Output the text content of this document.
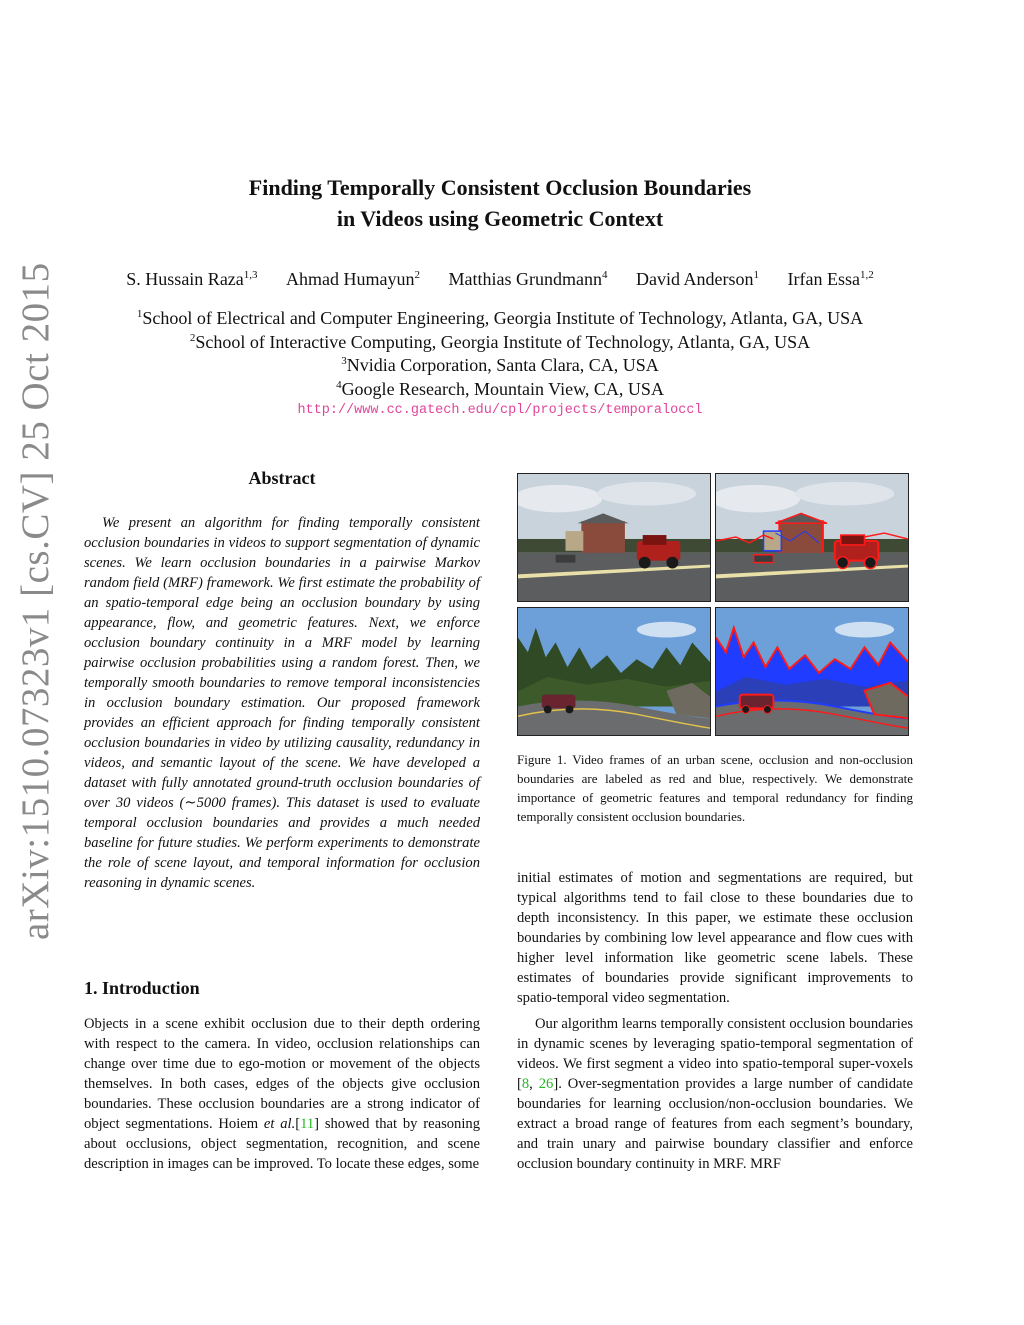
arXiv:1510.07323v1 [cs.CV] 25 Oct 2015
Finding Temporally Consistent Occlusion Boundaries
in Videos using Geometric Context
S. Hussain Raza$^{1,3}$ Ahmad Humayun$^2$ Matthias Grundmann$^4$ David Anderson$^1$ Irfan Essa$^{1,2}$
$^1$School of Electrical and Computer Engineering, Georgia Institute of Technology, Atlanta, GA, USA
$^2$School of Interactive Computing, Georgia Institute of Technology, Atlanta, GA, USA
$^3$Nvidia Corporation, Santa Clara, CA, USA
$^4$Google Research, Mountain View, CA, USA
http://www.cc.gatech.edu/cpl/projects/temporaloccl
Abstract

We present an algorithm for finding temporally consistent occlusion boundaries in videos to support segmentation of dynamic scenes. We learn occlusion boundaries in a pairwise Markov random field (MRF) framework. We first estimate the probability of an spatio-temporal edge being an occlusion boundary by using appearance, flow, and geometric features. Next, we enforce occlusion boundary continuity in a MRF model by learning pairwise occlusion probabilities using a random forest. Then, we temporally smooth boundaries to remove temporal inconsistencies in occlusion boundary estimation. Our proposed framework provides an efficient approach for finding temporally consistent occlusion boundaries in video by utilizing causality, redundancy in videos, and semantic layout of the scene. We have developed a dataset with fully annotated ground-truth occlusion boundaries of over 30 videos (∼5000 frames). This dataset is used to evaluate temporal occlusion boundaries and provides a much needed baseline for future studies. We perform experiments to demonstrate the role of scene layout, and temporal information for occlusion reasoning in dynamic scenes.

1. Introduction

Objects in a scene exhibit occlusion due to their depth ordering with respect to the camera. In video, occlusion relationships can change over time due to ego-motion or movement of the objects themselves. In both cases, edges of the objects give occlusion boundaries. These occlusion boundaries are a strong indicator of object segmentations. Hoiem et al.[11] showed that by reasoning about occlusions, object segmentation, recognition, and scene description in images can be improved. To locate these edges, some

Figure 1. Video frames of an urban scene, occlusion and non-occlusion boundaries are labeled as red and blue, respectively. We demonstrate importance of geometric features and temporal redundancy for finding temporally consistent occlusion boundaries.

initial estimates of motion and segmentations are required, but typical algorithms tend to fail close to these boundaries due to depth inconsistency. In this paper, we estimate these occlusion boundaries by combining low level appearance and flow cues with higher level information like geometric scene labels. These estimates of boundaries provide significant improvements to spatio-temporal video segmentation.

Our algorithm learns temporally consistent occlusion boundaries in dynamic scenes by leveraging spatio-temporal segmentation of videos. We first segment a video into spatio-temporal super-voxels [8, 26]. Over-segmentation provides a large number of candidate boundaries for learning occlusion/non-occlusion boundaries. We extract a broad range of features from each segment’s boundary, and train unary and pairwise boundary classifier and enforce occlusion boundary continuity in MRF. MRF
